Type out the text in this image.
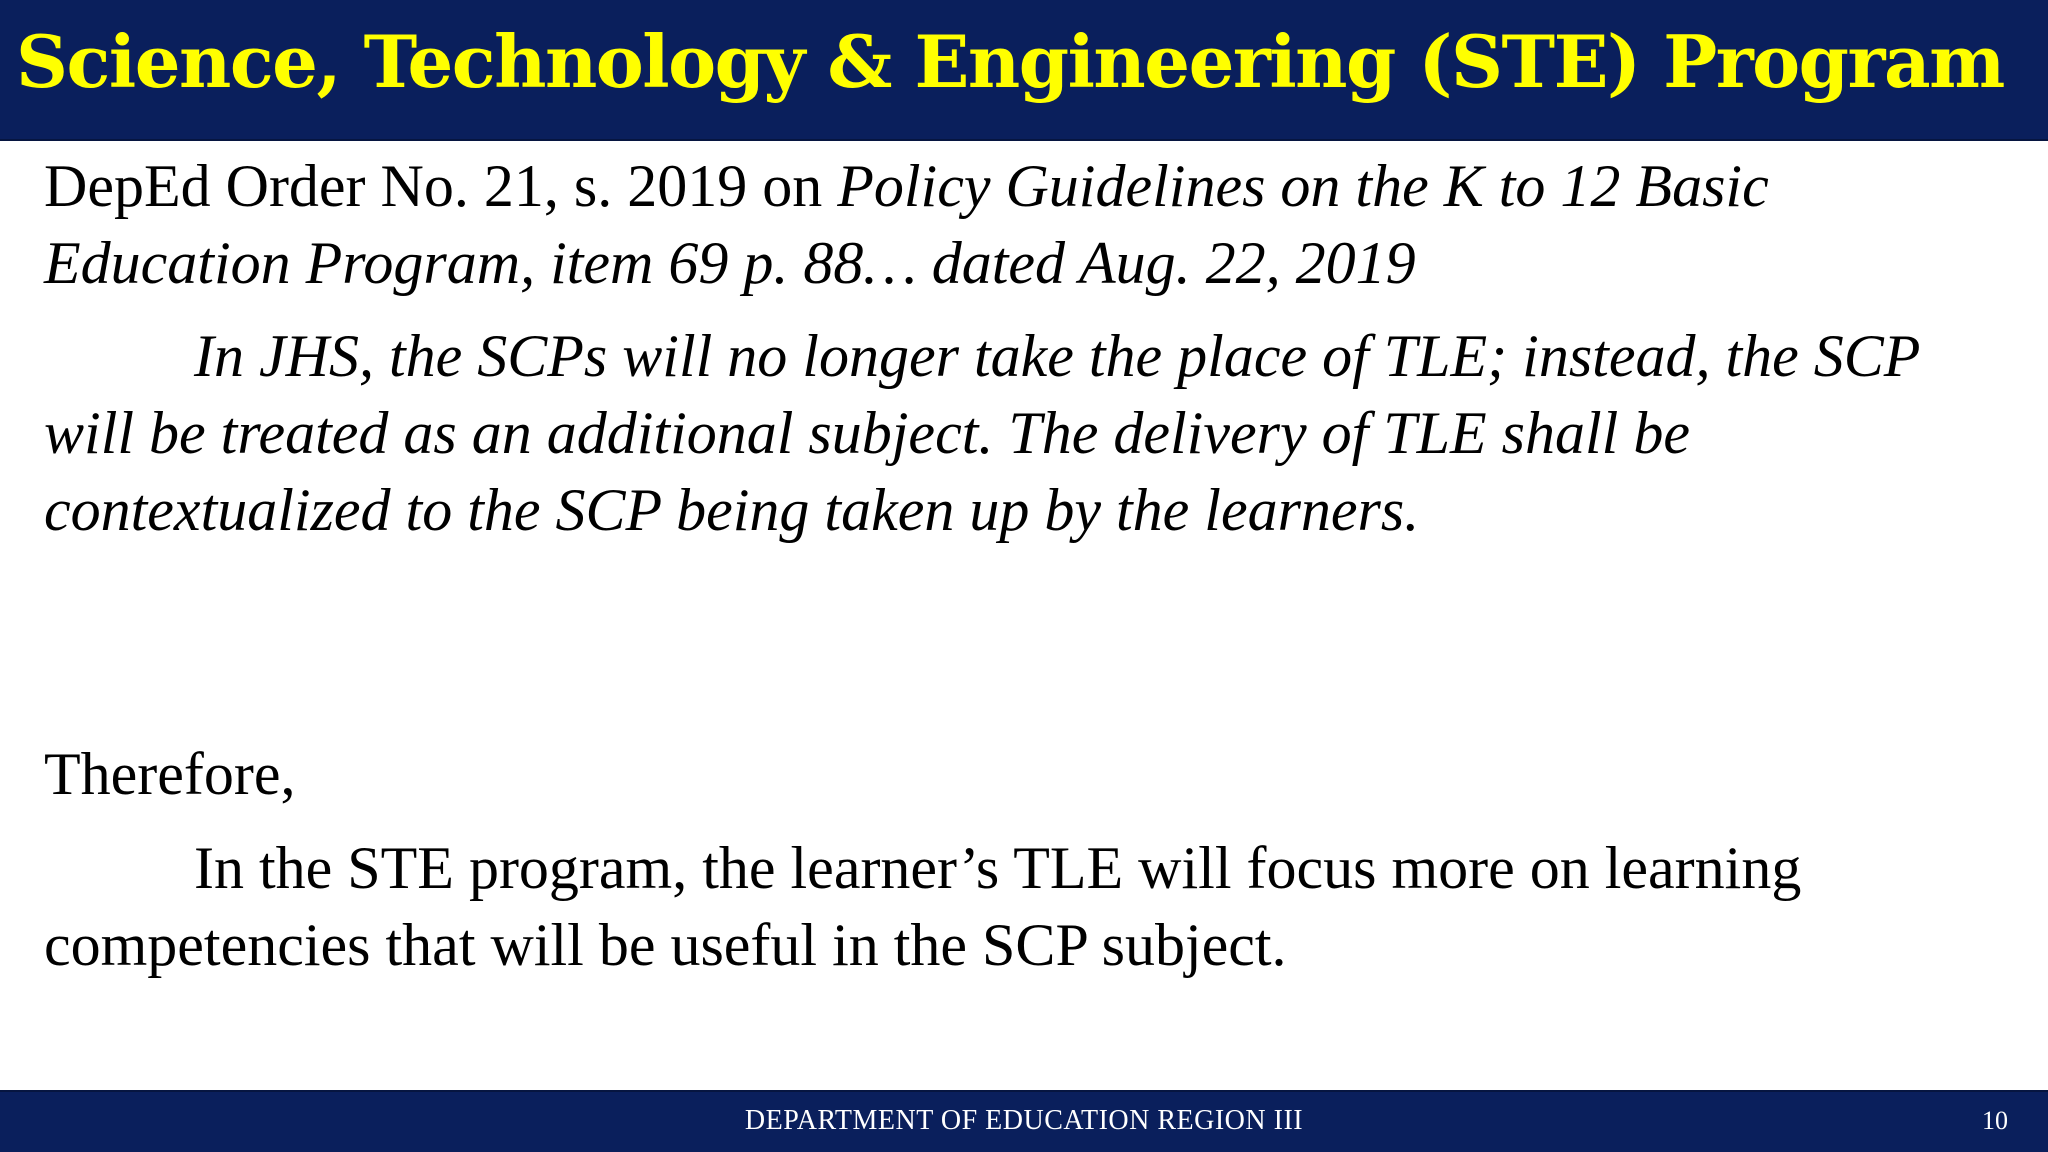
Science, Technology & Engineering (STE) Program
DepEd Order No. 21, s. 2019 on Policy Guidelines on the K to 12 Basic Education Program, item 69 p. 88… dated Aug. 22, 2019
In JHS, the SCPs will no longer take the place of TLE; instead, the SCP will be treated as an additional subject. The delivery of TLE shall be contextualized to the SCP being taken up by the learners.
Therefore,
In the STE program, the learner’s TLE will focus more on learning competencies that will be useful in the SCP subject.
DEPARTMENT OF EDUCATION REGION III	10
